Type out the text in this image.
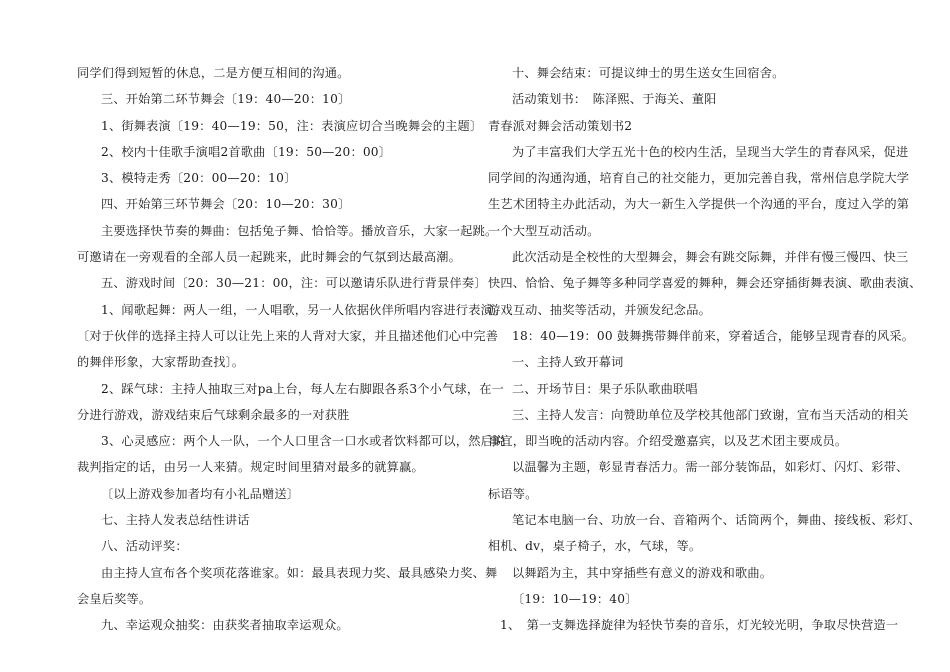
同学们得到短暂的休息，二是方便互相间的沟通。
三、开始第二环节舞会〔19：40—20：10〕
1、街舞表演〔19：40—19：50，注：表演应切合当晚舞会的主题〕
2、校内十佳歌手演唱2首歌曲〔19：50—20：00〕
3、模特走秀〔20：00—20：10〕
四、开始第三环节舞会〔20：10—20：30〕
主要选择快节奏的舞曲：包括兔子舞、恰恰等。播放音乐，大家一起跳。
可邀请在一旁观看的全部人员一起跳来，此时舞会的气氛到达最高潮。
五、游戏时间〔20：30—21：00，注：可以邀请乐队进行背景伴奏〕
1、闻歌起舞：两人一组，一人唱歌，另一人依据伙伴所唱内容进行表演。
〔对于伙伴的选择主持人可以让先上来的人背对大家，并且描述他们心中完善
的舞伴形象，大家帮助查找〕。
2、踩气球：主持人抽取三对pa上台，每人左右脚跟各系3个小气球，在一
分进行游戏，游戏结束后气球剩余最多的一对获胜
3、心灵感应：两个人一队，一个人口里含一口水或者饮料都可以，然后说
裁判指定的话，由另一人来猜。规定时间里猜对最多的就算赢。
〔以上游戏参加者均有小礼品赠送〕
七、主持人发表总结性讲话
八、活动评奖：
由主持人宣布各个奖项花落谁家。如：最具表现力奖、最具感染力奖、舞
会皇后奖等。
九、幸运观众抽奖：由获奖者抽取幸运观众。
十、舞会结束：可提议绅士的男生送女生回宿舍。
活动策划书：　陈泽熙、于海关、董阳
青春派对舞会活动策划书2
为了丰富我们大学五光十色的校内生活，呈现当大学生的青春风采，促进
同学间的沟通沟通，培育自己的社交能力，更加完善自我，常州信息学院大学
生艺术团特主办此活动，为大一新生入学提供一个沟通的平台，度过入学的第
一个大型互动活动。
此次活动是全校性的大型舞会，舞会有跳交际舞，并伴有慢三慢四、快三
快四、恰恰、兔子舞等多种同学喜爱的舞种，舞会还穿插街舞表演、歌曲表演、
游戏互动、抽奖等活动，并颁发纪念品。
18：40—19：00 鼓舞携带舞伴前来，穿着适合，能够呈现青春的风采。
一、主持人致开幕词
二、开场节目：果子乐队歌曲联唱
三、主持人发言：向赞助单位及学校其他部门致谢，宣布当天活动的相关
事宜，即当晚的活动内容。介绍受邀嘉宾，以及艺术团主要成员。
以温馨为主题，彰显青春活力。需一部分装饰品，如彩灯、闪灯、彩带、
标语等。
笔记本电脑一台、功放一台、音箱两个、话筒两个，舞曲、接线板、彩灯、
相机、dv，桌子椅子，水，气球，等。
以舞蹈为主，其中穿插些有意义的游戏和歌曲。
〔19：10—19：40〕
1、　第一支舞选择旋律为轻快节奏的音乐，灯光较光明，争取尽快营造一
